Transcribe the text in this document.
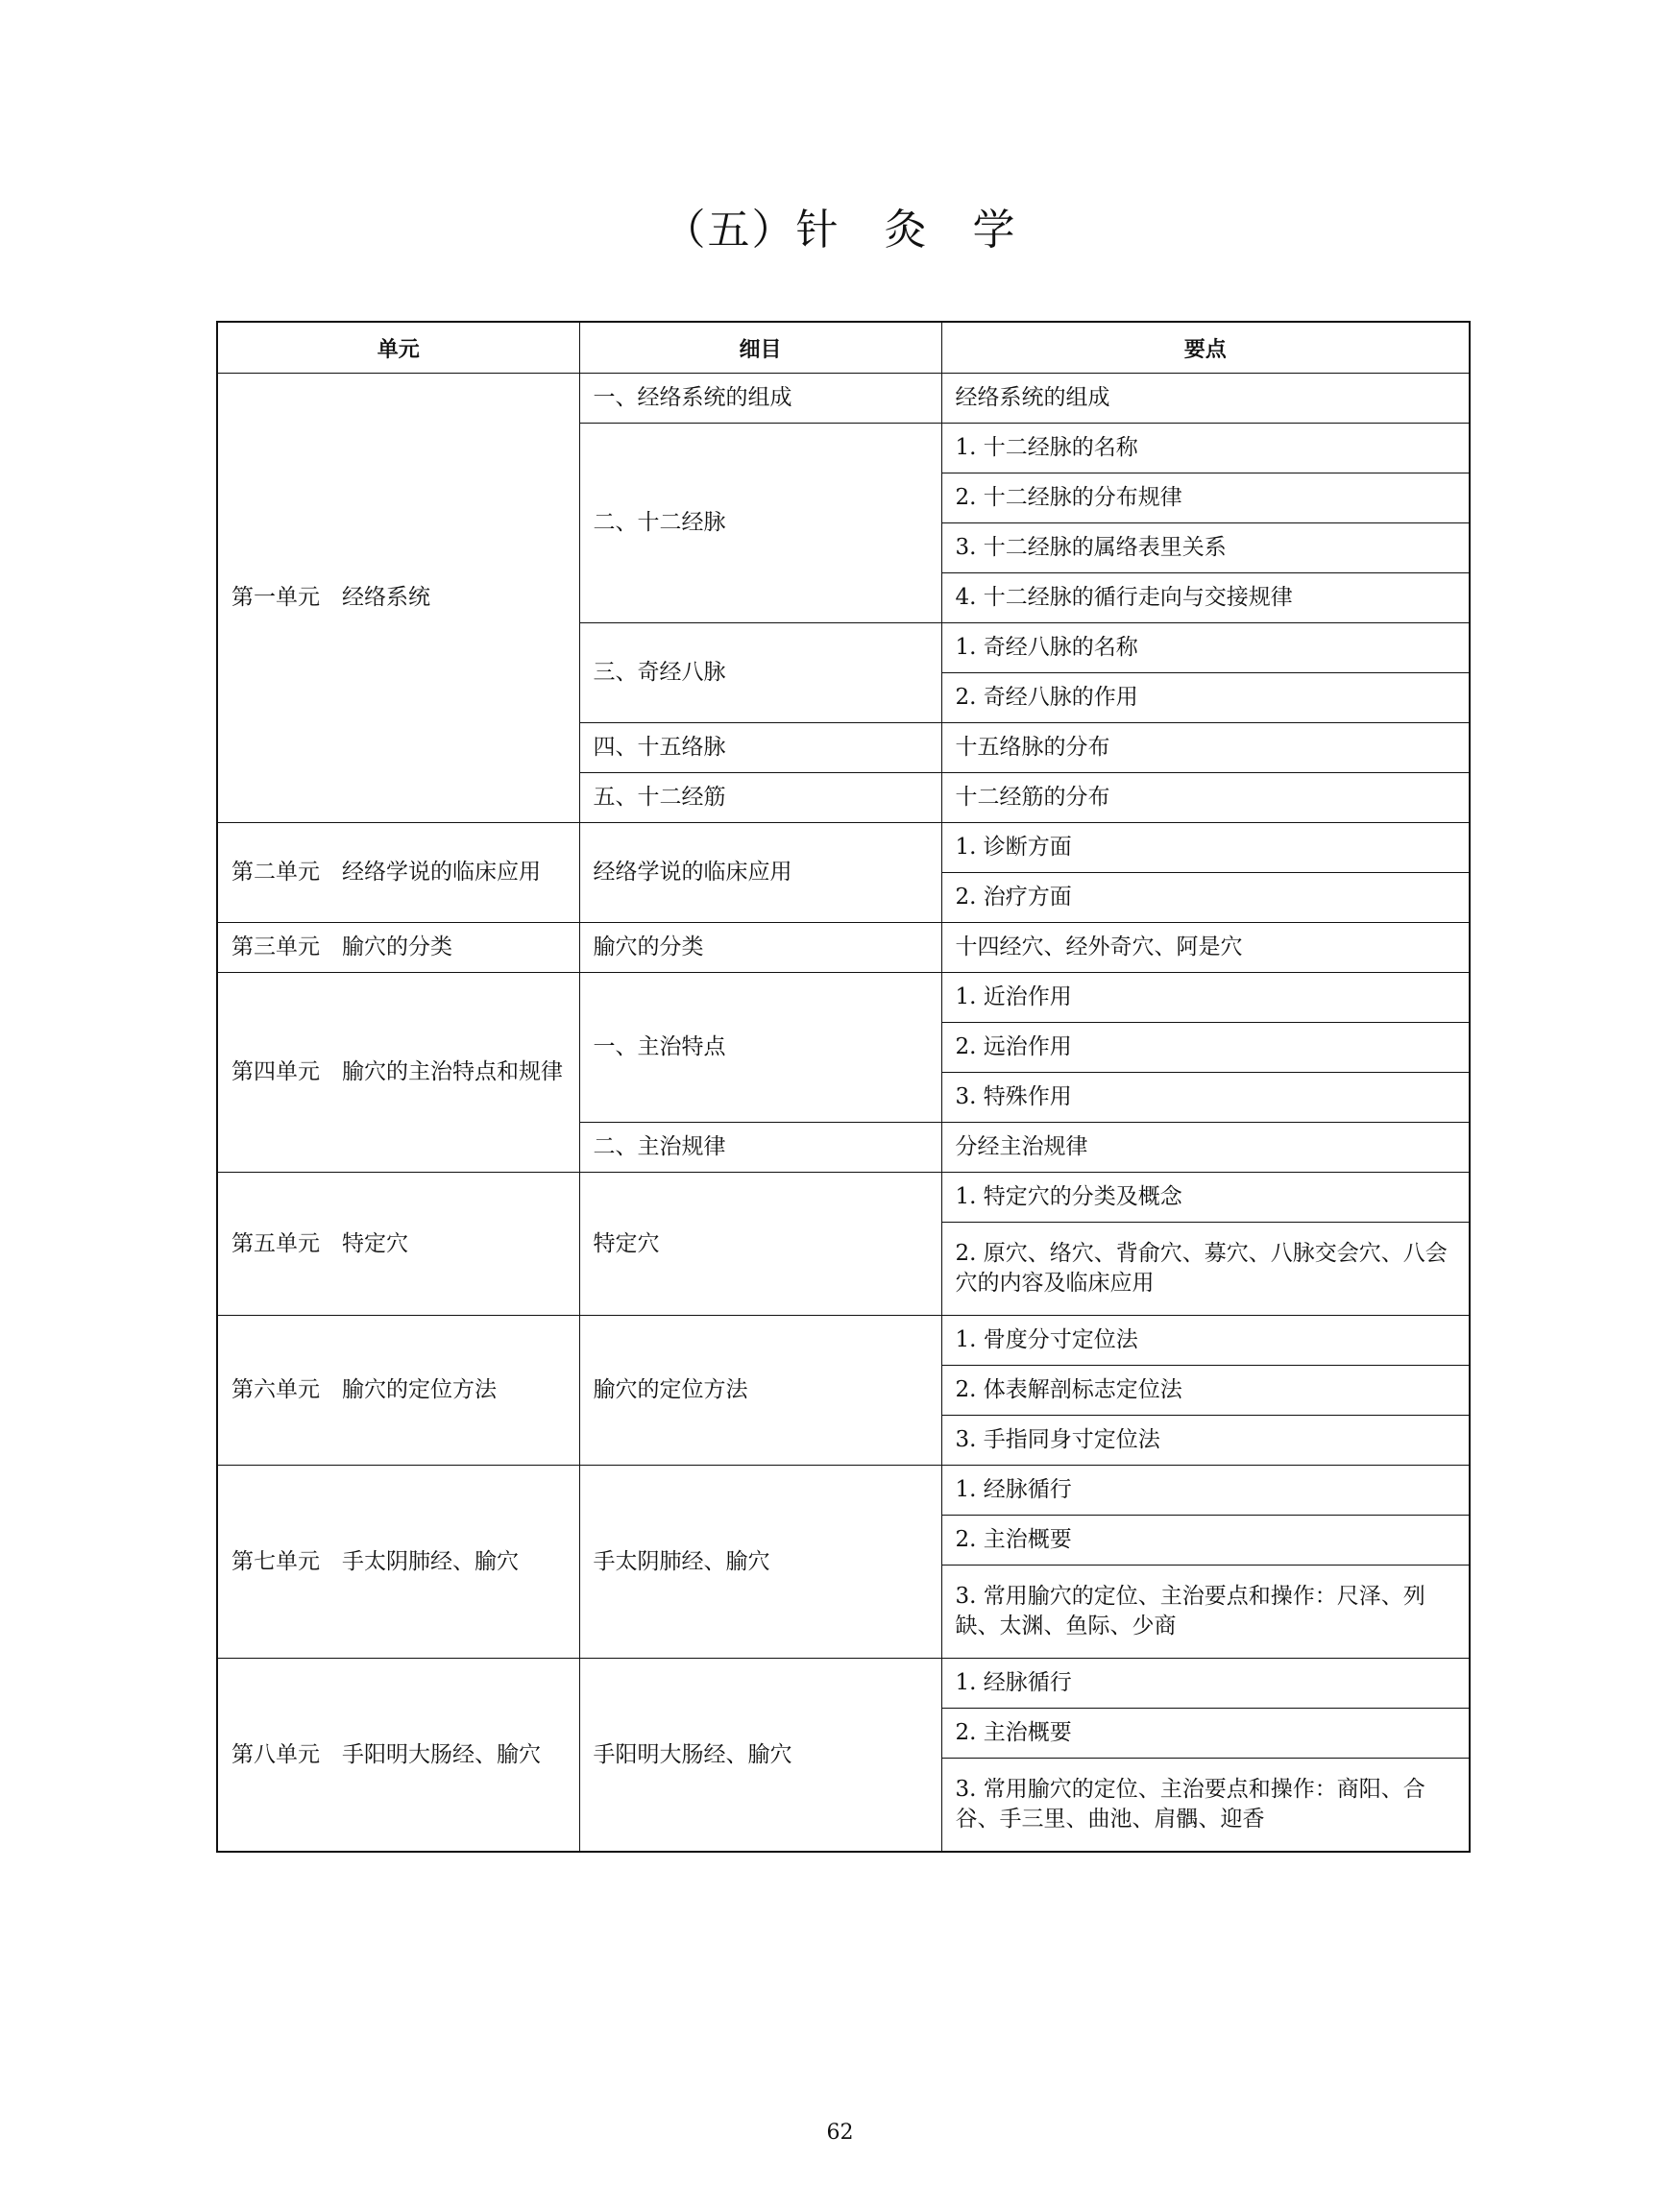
（五）针　灸　学
单元	细目	要点
第一单元　经络系统	一、经络系统的组成	经络系统的组成
	二、十二经脉	1. 十二经脉的名称
		2. 十二经脉的分布规律
		3. 十二经脉的属络表里关系
		4. 十二经脉的循行走向与交接规律
	三、奇经八脉	1. 奇经八脉的名称
		2. 奇经八脉的作用
	四、十五络脉	十五络脉的分布
	五、十二经筋	十二经筋的分布
第二单元　经络学说的临床应用	经络学说的临床应用	1. 诊断方面
		2. 治疗方面
第三单元　腧穴的分类	腧穴的分类	十四经穴、经外奇穴、阿是穴
第四单元　腧穴的主治特点和规律	一、主治特点	1. 近治作用
		2. 远治作用
		3. 特殊作用
	二、主治规律	分经主治规律
第五单元　特定穴	特定穴	1. 特定穴的分类及概念
		2. 原穴、络穴、背俞穴、募穴、八脉交会穴、八会穴的内容及临床应用
第六单元　腧穴的定位方法	腧穴的定位方法	1. 骨度分寸定位法
		2. 体表解剖标志定位法
		3. 手指同身寸定位法
第七单元　手太阴肺经、腧穴	手太阴肺经、腧穴	1. 经脉循行
		2. 主治概要
		3. 常用腧穴的定位、主治要点和操作：尺泽、列缺、太渊、鱼际、少商
第八单元　手阳明大肠经、腧穴	手阳明大肠经、腧穴	1. 经脉循行
		2. 主治概要
		3. 常用腧穴的定位、主治要点和操作：商阳、合谷、手三里、曲池、肩髃、迎香
62
